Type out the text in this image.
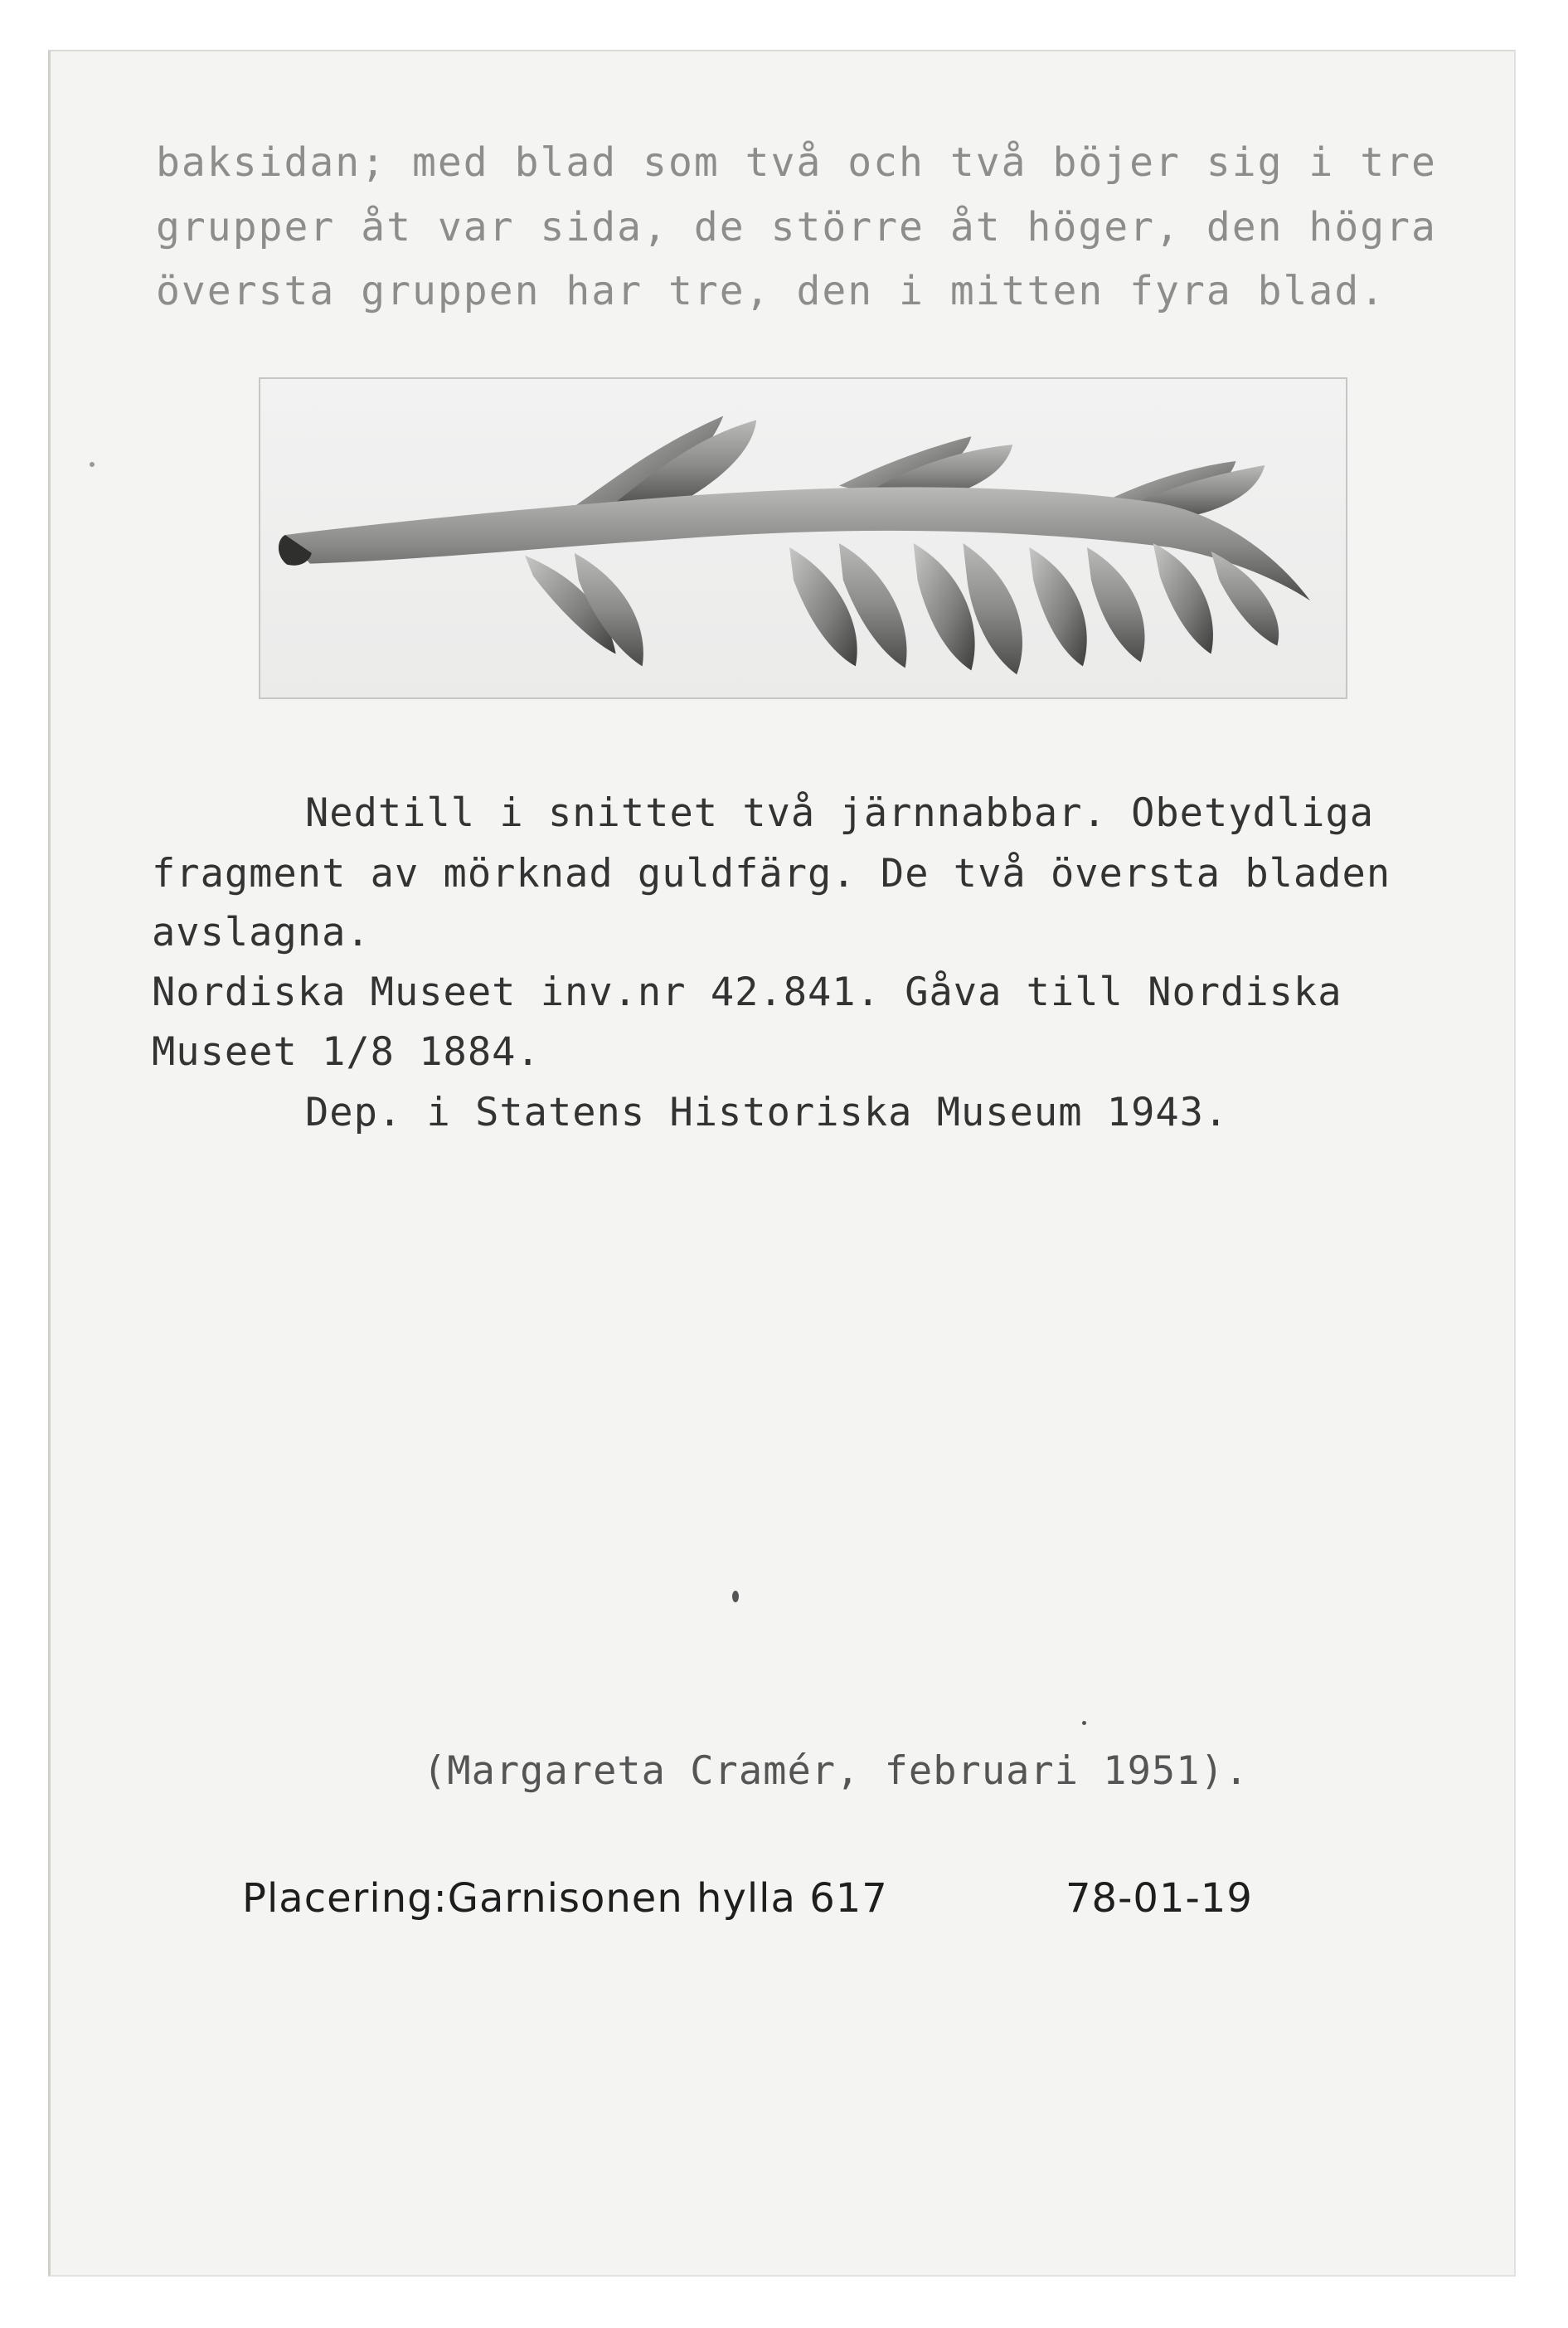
baksidan; med blad som två och två böjer sig i tre
grupper åt var sida, de större åt höger, den högra
översta gruppen har tre, den i mitten fyra blad.
Nedtill i snittet två järnnabbar. Obetydliga
fragment av mörknad guldfärg. De två översta bladen
avslagna.
Nordiska Museet inv.nr 42.841. Gåva till Nordiska
Museet 1/8 1884.
Dep. i Statens Historiska Museum 1943.
(Margareta Cramér, februari 1951).
Placering:Garnisonen hylla 617	78-01-19
